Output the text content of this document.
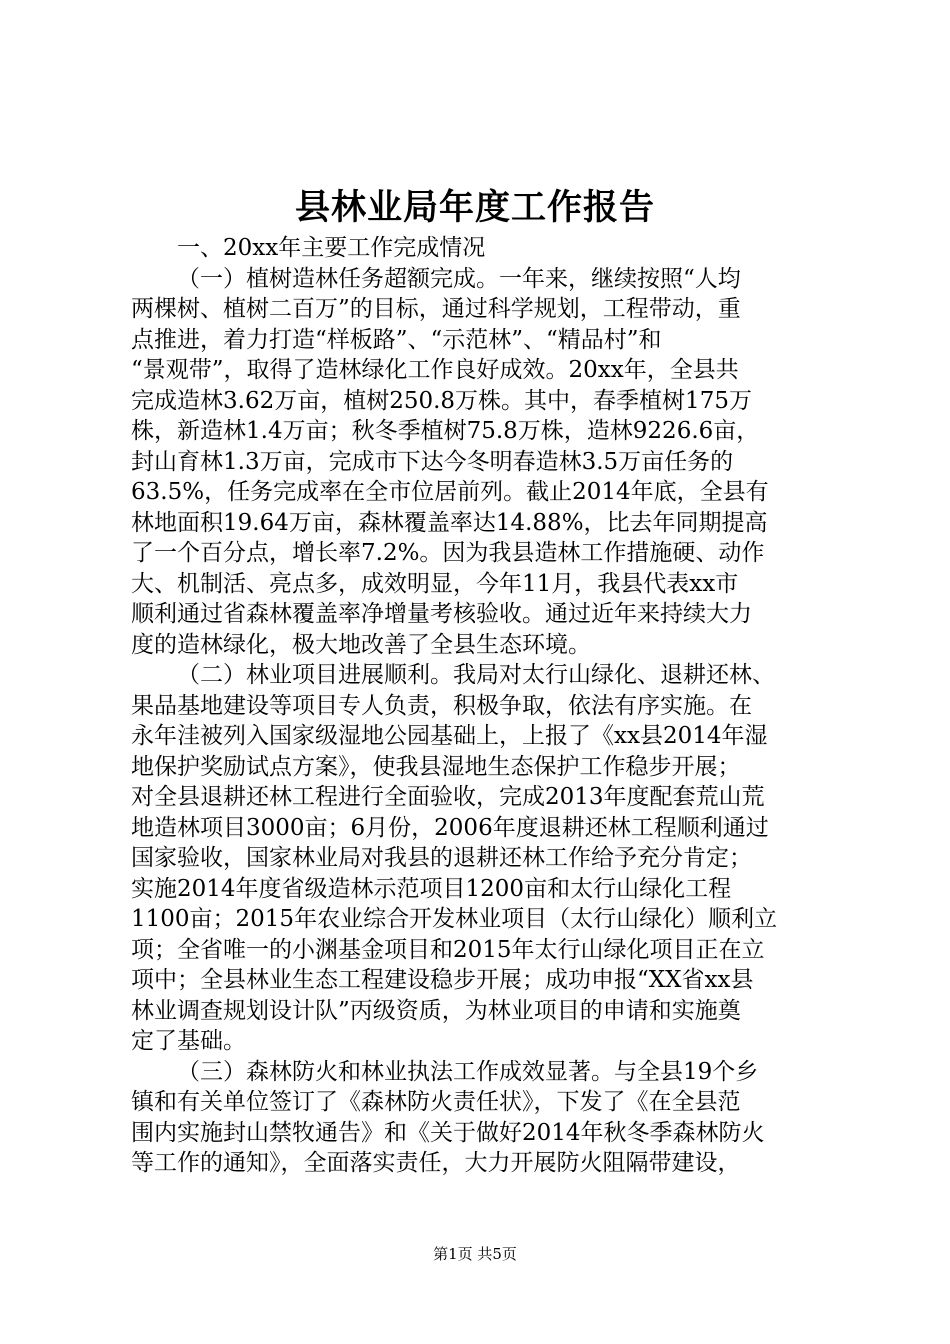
县林业局年度工作报告
一、20xx年主要工作完成情况
（一）植树造林任务超额完成。一年来，继续按照“人均
两棵树、植树二百万”的目标，通过科学规划，工程带动，重
点推进，着力打造“样板路”、“示范林”、“精品村”和
“景观带”，取得了造林绿化工作良好成效。20xx年，全县共
完成造林3.62万亩，植树250.8万株。其中，春季植树175万
株，新造林1.4万亩；秋冬季植树75.8万株，造林9226.6亩，
封山育林1.3万亩，完成市下达今冬明春造林3.5万亩任务的
63.5%，任务完成率在全市位居前列。截止2014年底，全县有
林地面积19.64万亩，森林覆盖率达14.88%，比去年同期提高
了一个百分点，增长率7.2%。因为我县造林工作措施硬、动作
大、机制活、亮点多，成效明显，今年11月，我县代表xx市
顺利通过省森林覆盖率净增量考核验收。通过近年来持续大力
度的造林绿化，极大地改善了全县生态环境。
（二）林业项目进展顺利。我局对太行山绿化、退耕还林、
果品基地建设等项目专人负责，积极争取，依法有序实施。在
永年洼被列入国家级湿地公园基础上，上报了《xx县2014年湿
地保护奖励试点方案》，使我县湿地生态保护工作稳步开展；
对全县退耕还林工程进行全面验收，完成2013年度配套荒山荒
地造林项目3000亩；6月份，2006年度退耕还林工程顺利通过
国家验收，国家林业局对我县的退耕还林工作给予充分肯定；
实施2014年度省级造林示范项目1200亩和太行山绿化工程
1100亩；2015年农业综合开发林业项目（太行山绿化）顺利立
项；全省唯一的小渊基金项目和2015年太行山绿化项目正在立
项中；全县林业生态工程建设稳步开展；成功申报“XX省xx县
林业调查规划设计队”丙级资质，为林业项目的申请和实施奠
定了基础。
（三）森林防火和林业执法工作成效显著。与全县19个乡
镇和有关单位签订了《森林防火责任状》，下发了《在全县范
围内实施封山禁牧通告》和《关于做好2014年秋冬季森林防火
等工作的通知》，全面落实责任，大力开展防火阻隔带建设，

第1页 共5页
